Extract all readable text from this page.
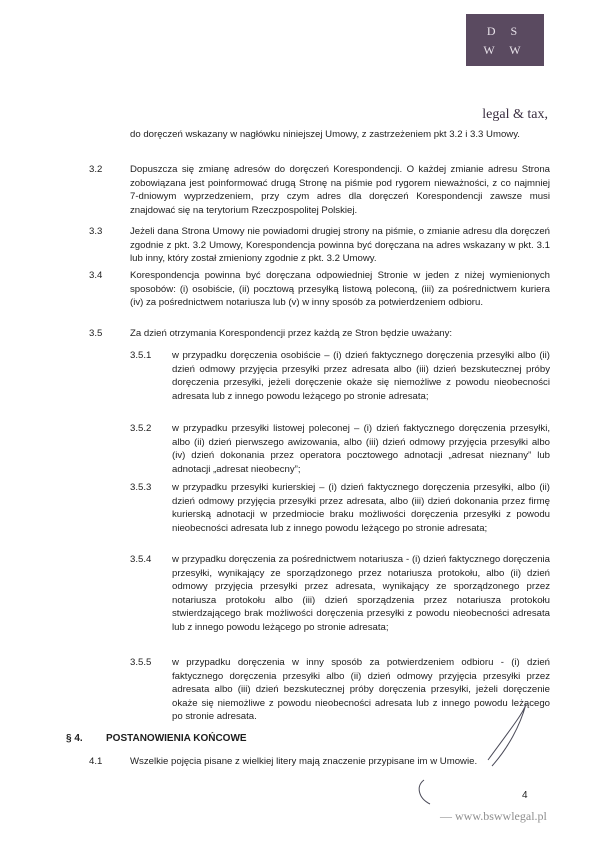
D S
W W
legal & tax,
do doręczeń wskazany w nagłówku niniejszej Umowy, z zastrzeżeniem pkt 3.2 i 3.3 Umowy.
3.2	Dopuszcza się zmianę adresów do doręczeń Korespondencji. O każdej zmianie adresu Strona zobowiązana jest poinformować drugą Stronę na piśmie pod rygorem nieważności, z co najmniej 7-dniowym wyprzedzeniem, przy czym adres dla doręczeń Korespondencji zawsze musi znajdować się na terytorium Rzeczpospolitej Polskiej.
3.3	Jeżeli dana Strona Umowy nie powiadomi drugiej strony na piśmie, o zmianie adresu dla doręczeń zgodnie z pkt. 3.2 Umowy, Korespondencja powinna być doręczana na adres wskazany w pkt. 3.1 lub inny, który został zmieniony zgodnie z pkt. 3.2 Umowy.
3.4	Korespondencja powinna być doręczana odpowiedniej Stronie w jeden z niżej wymienionych sposobów: (i) osobiście, (ii) pocztową przesyłką listową poleconą, (iii) za pośrednictwem kuriera (iv) za pośrednictwem notariusza lub (v) w inny sposób za potwierdzeniem odbioru.
3.5	Za dzień otrzymania Korespondencji przez każdą ze Stron będzie uważany:
3.5.1	w przypadku doręczenia osobiście – (i) dzień faktycznego doręczenia przesyłki albo (ii) dzień odmowy przyjęcia przesyłki przez adresata albo (iii) dzień bezskutecznej próby doręczenia przesyłki, jeżeli doręczenie okaże się niemożliwe z powodu nieobecności adresata lub z innego powodu leżącego po stronie adresata;
3.5.2	w przypadku przesyłki listowej poleconej – (i) dzień faktycznego doręczenia przesyłki, albo (ii) dzień pierwszego awizowania, albo (iii) dzień odmowy przyjęcia przesyłki albo (iv) dzień dokonania przez operatora pocztowego adnotacji „adresat nieznany” lub adnotacji „adresat nieobecny”;
3.5.3	w przypadku przesyłki kurierskiej – (i) dzień faktycznego doręczenia przesyłki, albo (ii) dzień odmowy przyjęcia przesyłki przez adresata, albo (iii) dzień dokonania przez firmę kurierską adnotacji w przedmiocie braku możliwości doręczenia przesyłki z powodu nieobecności adresata lub z innego powodu leżącego po stronie adresata;
3.5.4	w przypadku doręczenia za pośrednictwem notariusza - (i) dzień faktycznego doręczenia przesyłki, wynikający ze sporządzonego przez notariusza protokołu, albo (ii) dzień odmowy przyjęcia przesyłki przez adresata, wynikający ze sporządzonego przez notariusza protokołu albo (iii) dzień sporządzenia przez notariusza protokołu stwierdzającego brak możliwości doręczenia przesyłki z powodu nieobecności adresata lub z innego powodu leżącego po stronie adresata;
3.5.5	w przypadku doręczenia w inny sposób za potwierdzeniem odbioru - (i) dzień faktycznego doręczenia przesyłki albo (ii) dzień odmowy przyjęcia przesyłki przez adresata albo (iii) dzień bezskutecznej próby doręczenia przesyłki, jeżeli doręczenie okaże się niemożliwe z powodu nieobecności adresata lub z innego powodu leżącego po stronie adresata.
§ 4. POSTANOWIENIA KOŃCOWE
4.1	Wszelkie pojęcia pisane z wielkiej litery mają znaczenie przypisane im w Umowie.
4
— www.bswwlegal.pl
